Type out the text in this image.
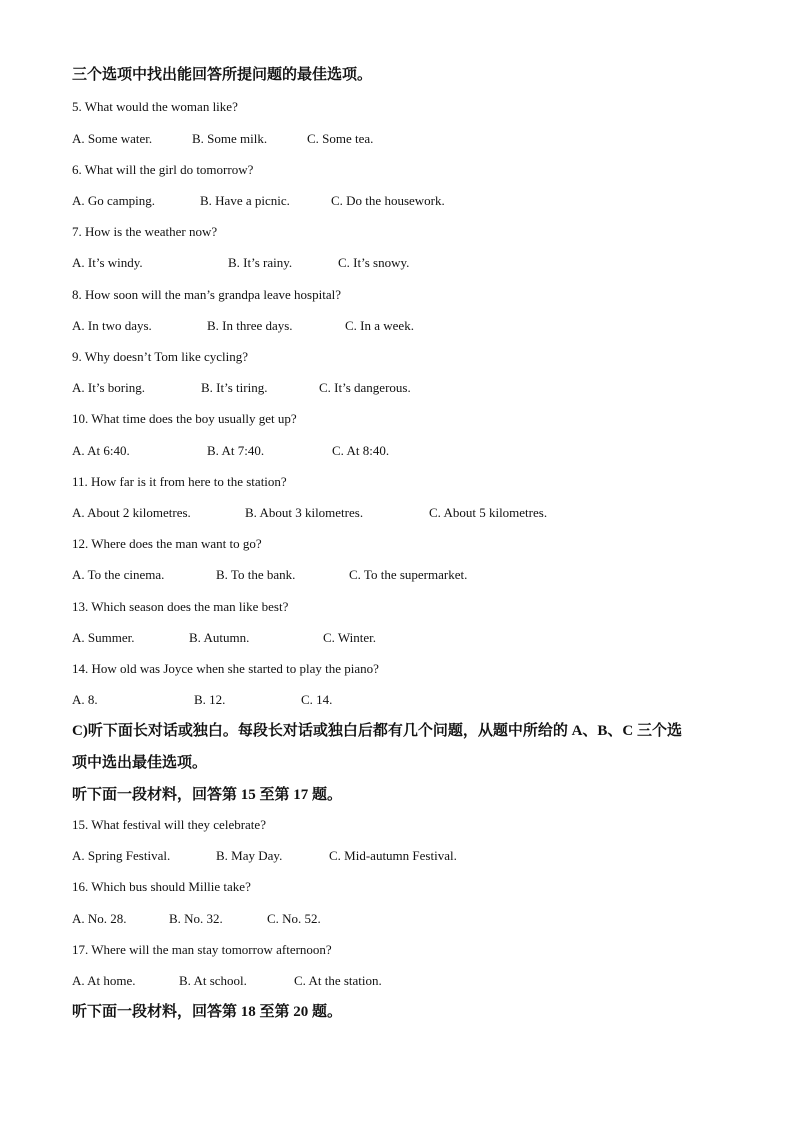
三个选项中找出能回答所提问题的最佳选项。
5. What would the woman like?
A. Some water.	B. Some milk.	C. Some tea.
6. What will the girl do tomorrow?
A. Go camping.	B. Have a picnic.	C. Do the housework.
7. How is the weather now?
A. It’s windy.	B. It’s rainy.	C. It’s snowy.
8. How soon will the man’s grandpa leave hospital?
A. In two days.	B. In three days.	C. In a week.
9. Why doesn’t Tom like cycling?
A. It’s boring.	B. It’s tiring.	C. It’s dangerous.
10. What time does the boy usually get up?
A. At 6:40.	B. At 7:40.	C. At 8:40.
11. How far is it from here to the station?
A. About 2 kilometres.	B. About 3 kilometres.	C. About 5 kilometres.
12. Where does the man want to go?
A. To the cinema.	B. To the bank.	C. To the supermarket.
13. Which season does the man like best?
A. Summer.	B. Autumn.	C. Winter.
14. How old was Joyce when she started to play the piano?
A. 8.	B. 12.	C. 14.
C)听下面长对话或独白。每段长对话或独白后都有几个问题，从题中所给的 A、B、C 三个选
项中选出最佳选项。
听下面一段材料，回答第 15 至第 17 题。
15. What festival will they celebrate?
A. Spring Festival.	B. May Day.	C. Mid-autumn Festival.
16. Which bus should Millie take?
A. No. 28.	B. No. 32.	C. No. 52.
17. Where will the man stay tomorrow afternoon?
A. At home.	B. At school.	C. At the station.
听下面一段材料，回答第 18 至第 20 题。
